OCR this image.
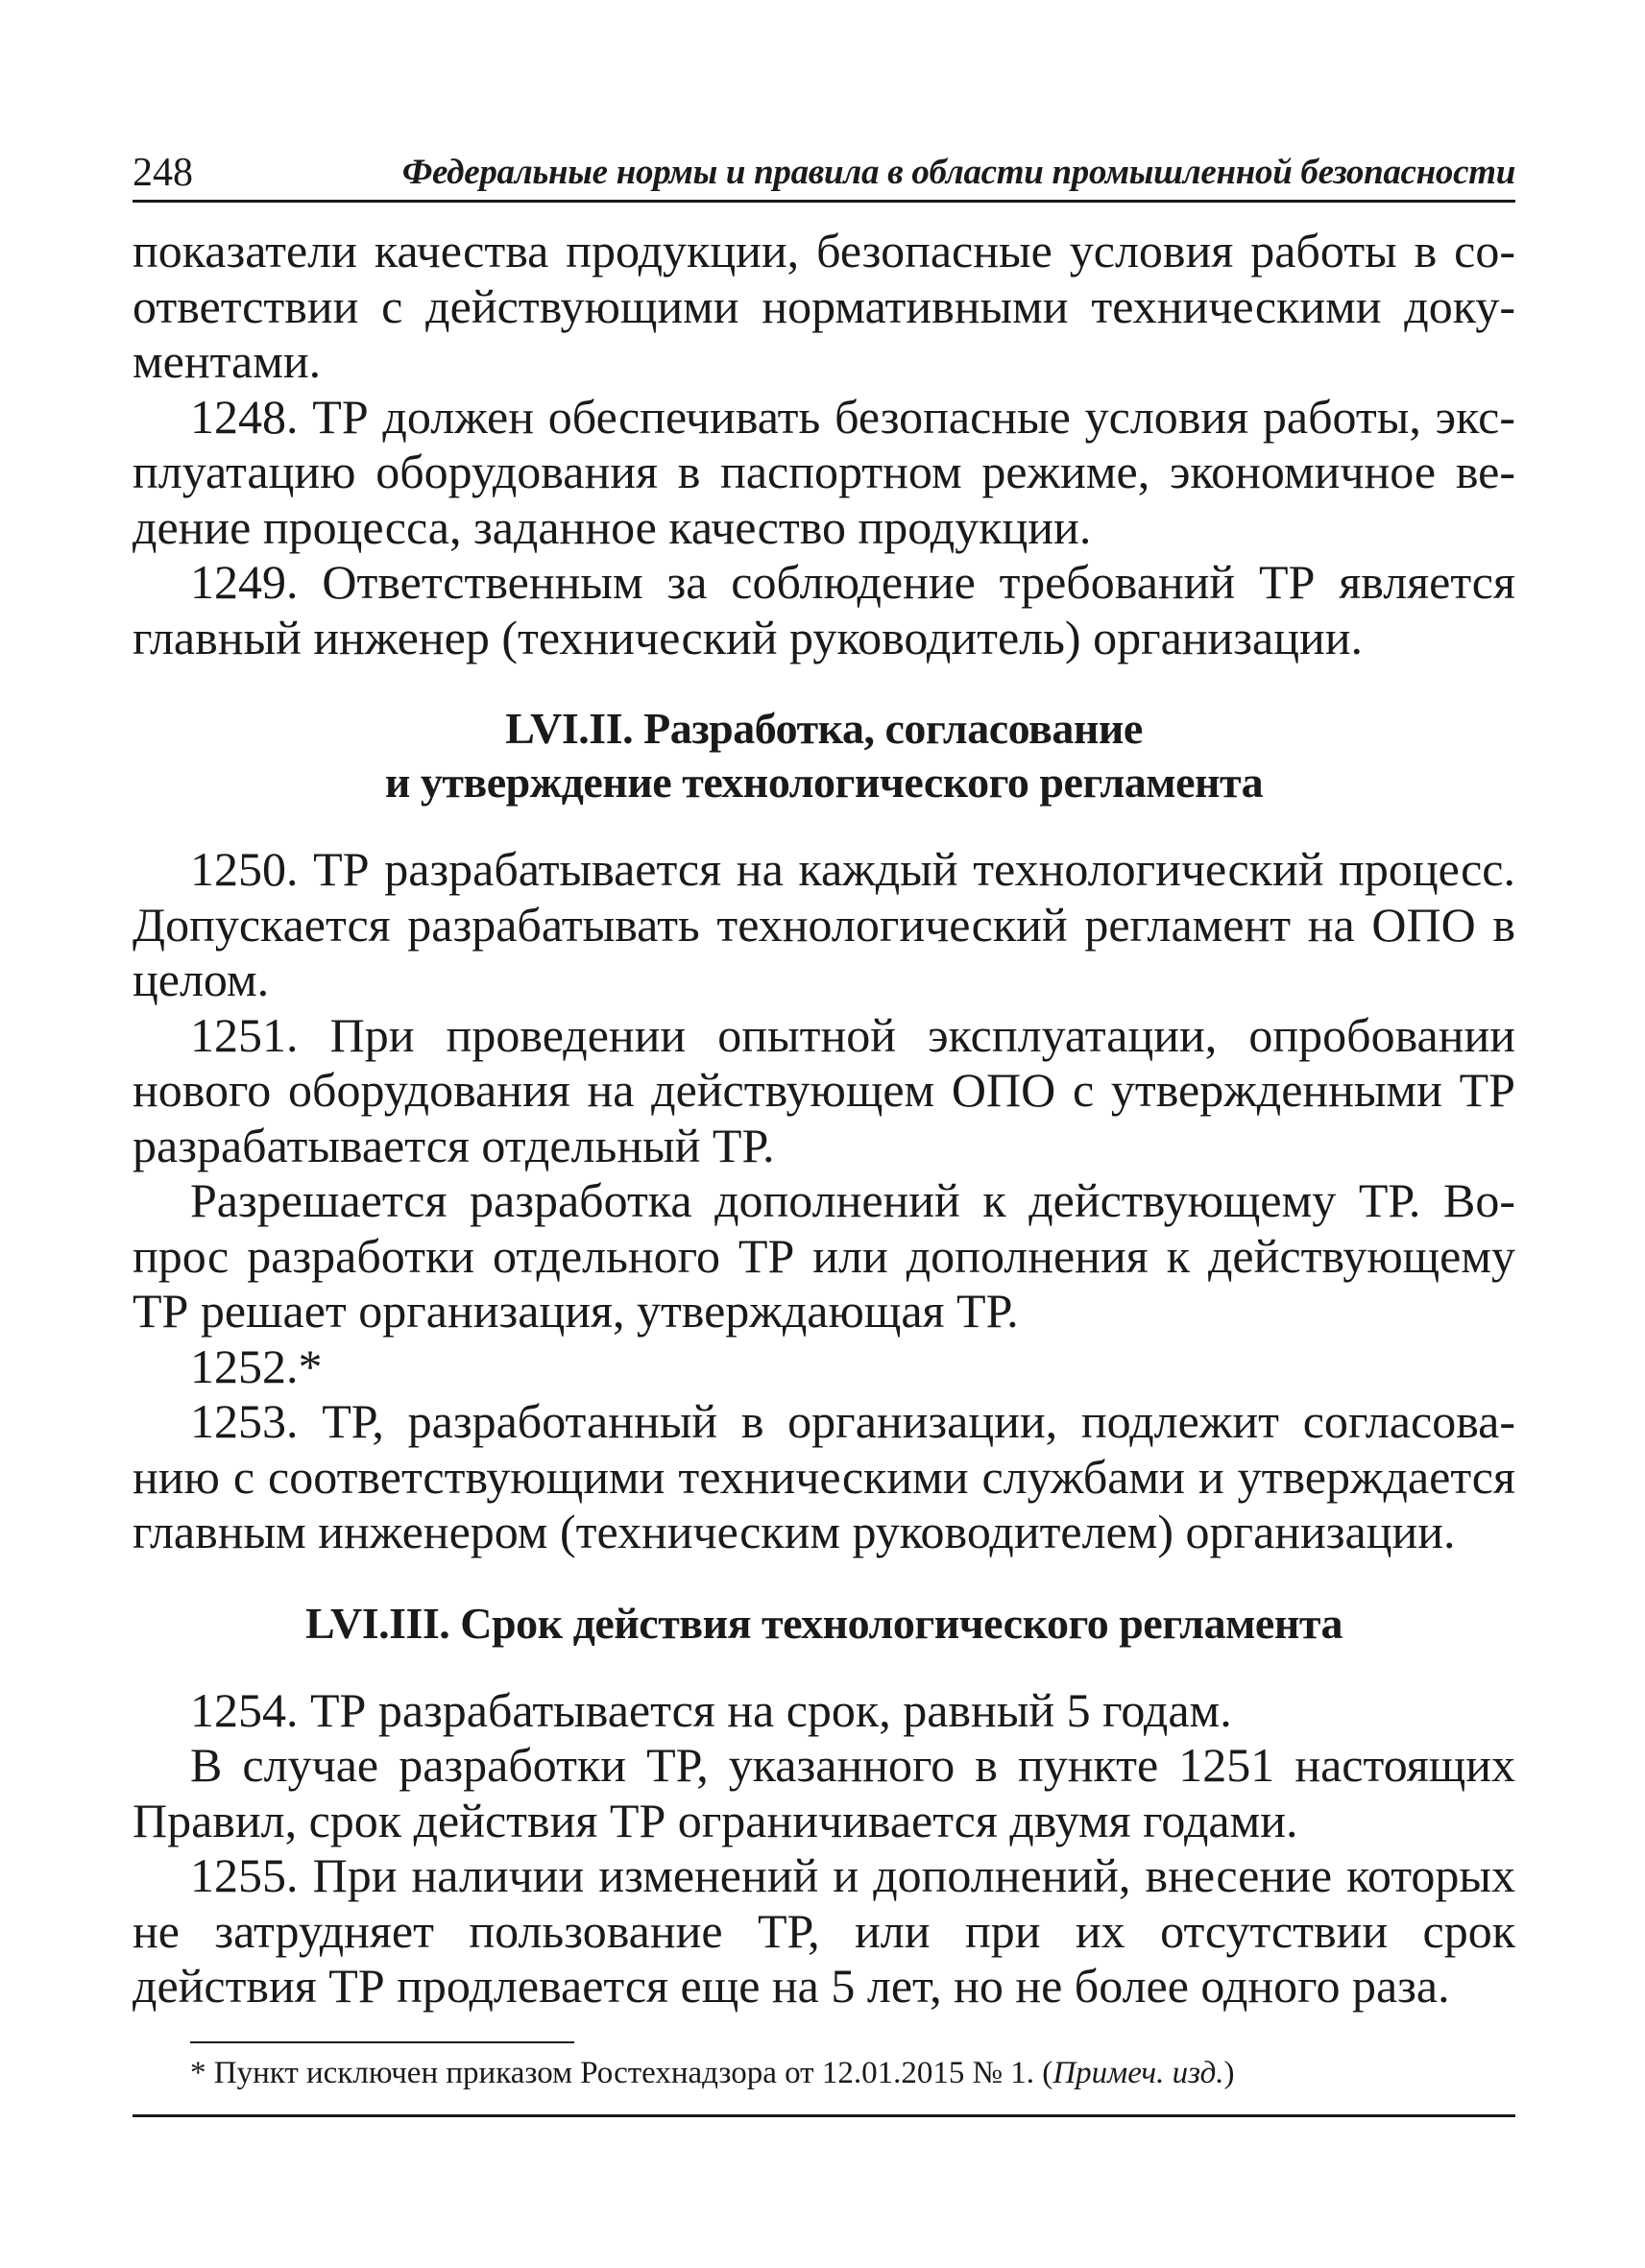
248	Федеральные нормы и правила в области промышленной безопасности

показатели качества продукции, безопасные условия работы в соответствии с действующими нормативными техническими документами.

1248. ТР должен обеспечивать безопасные условия работы, эксплуатацию оборудования в паспортном режиме, экономичное ведение процесса, заданное качество продукции.

1249. Ответственным за соблюдение требований ТР является главный инженер (технический руководитель) организации.

LVI.II. Разработка, согласование
и утверждение технологического регламента

1250. ТР разрабатывается на каждый технологический процесс. Допускается разрабатывать технологический регламент на ОПО в целом.

1251. При проведении опытной эксплуатации, опробовании нового оборудования на действующем ОПО с утвержденными ТР разрабатывается отдельный ТР.

Разрешается разработка дополнений к действующему ТР. Вопрос разработки отдельного ТР или дополнения к действующему ТР решает организация, утверждающая ТР.

1252.*

1253. ТР, разработанный в организации, подлежит согласованию с соответствующими техническими службами и утверждается главным инженером (техническим руководителем) организации.

LVI.III. Срок действия технологического регламента

1254. ТР разрабатывается на срок, равный 5 годам.

В случае разработки ТР, указанного в пункте 1251 настоящих Правил, срок действия ТР ограничивается двумя годами.

1255. При наличии изменений и дополнений, внесение которых не затрудняет пользование ТР, или при их отсутствии срок действия ТР продлевается еще на 5 лет, но не более одного раза.

* Пункт исключен приказом Ростехнадзора от 12.01.2015 № 1. (Примеч. изд.)
